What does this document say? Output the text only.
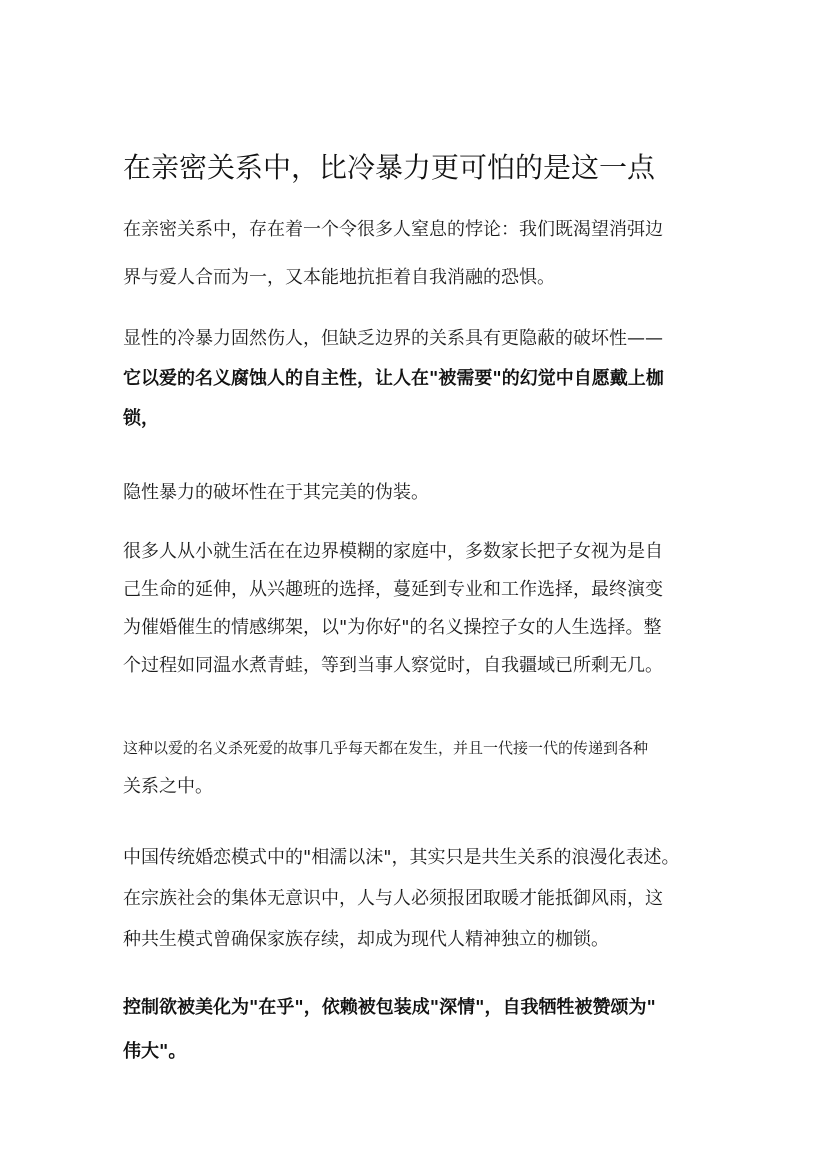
在亲密关系中，比冷暴力更可怕的是这一点

在亲密关系中，存在着一个令很多人窒息的悖论：我们既渴望消弭边
界与爱人合而为一，又本能地抗拒着自我消融的恐惧。

显性的冷暴力固然伤人，但缺乏边界的关系具有更隐蔽的破坏性——
它以爱的名义腐蚀人的自主性，让人在"被需要"的幻觉中自愿戴上枷
锁，

隐性暴力的破坏性在于其完美的伪装。

很多人从小就生活在在边界模糊的家庭中，多数家长把子女视为是自
己生命的延伸，从兴趣班的选择，蔓延到专业和工作选择，最终演变
为催婚催生的情感绑架，以"为你好"的名义操控子女的人生选择。整
个过程如同温水煮青蛙，等到当事人察觉时，自我疆域已所剩无几。

这种以爱的名义杀死爱的故事几乎每天都在发生，并且一代接一代的传递到各种
关系之中。

中国传统婚恋模式中的"相濡以沫"，其实只是共生关系的浪漫化表述。
在宗族社会的集体无意识中，人与人必须报团取暖才能抵御风雨，这
种共生模式曾确保家族存续，却成为现代人精神独立的枷锁。

控制欲被美化为"在乎"，依赖被包装成"深情"，自我牺牲被赞颂为"
伟大"。
